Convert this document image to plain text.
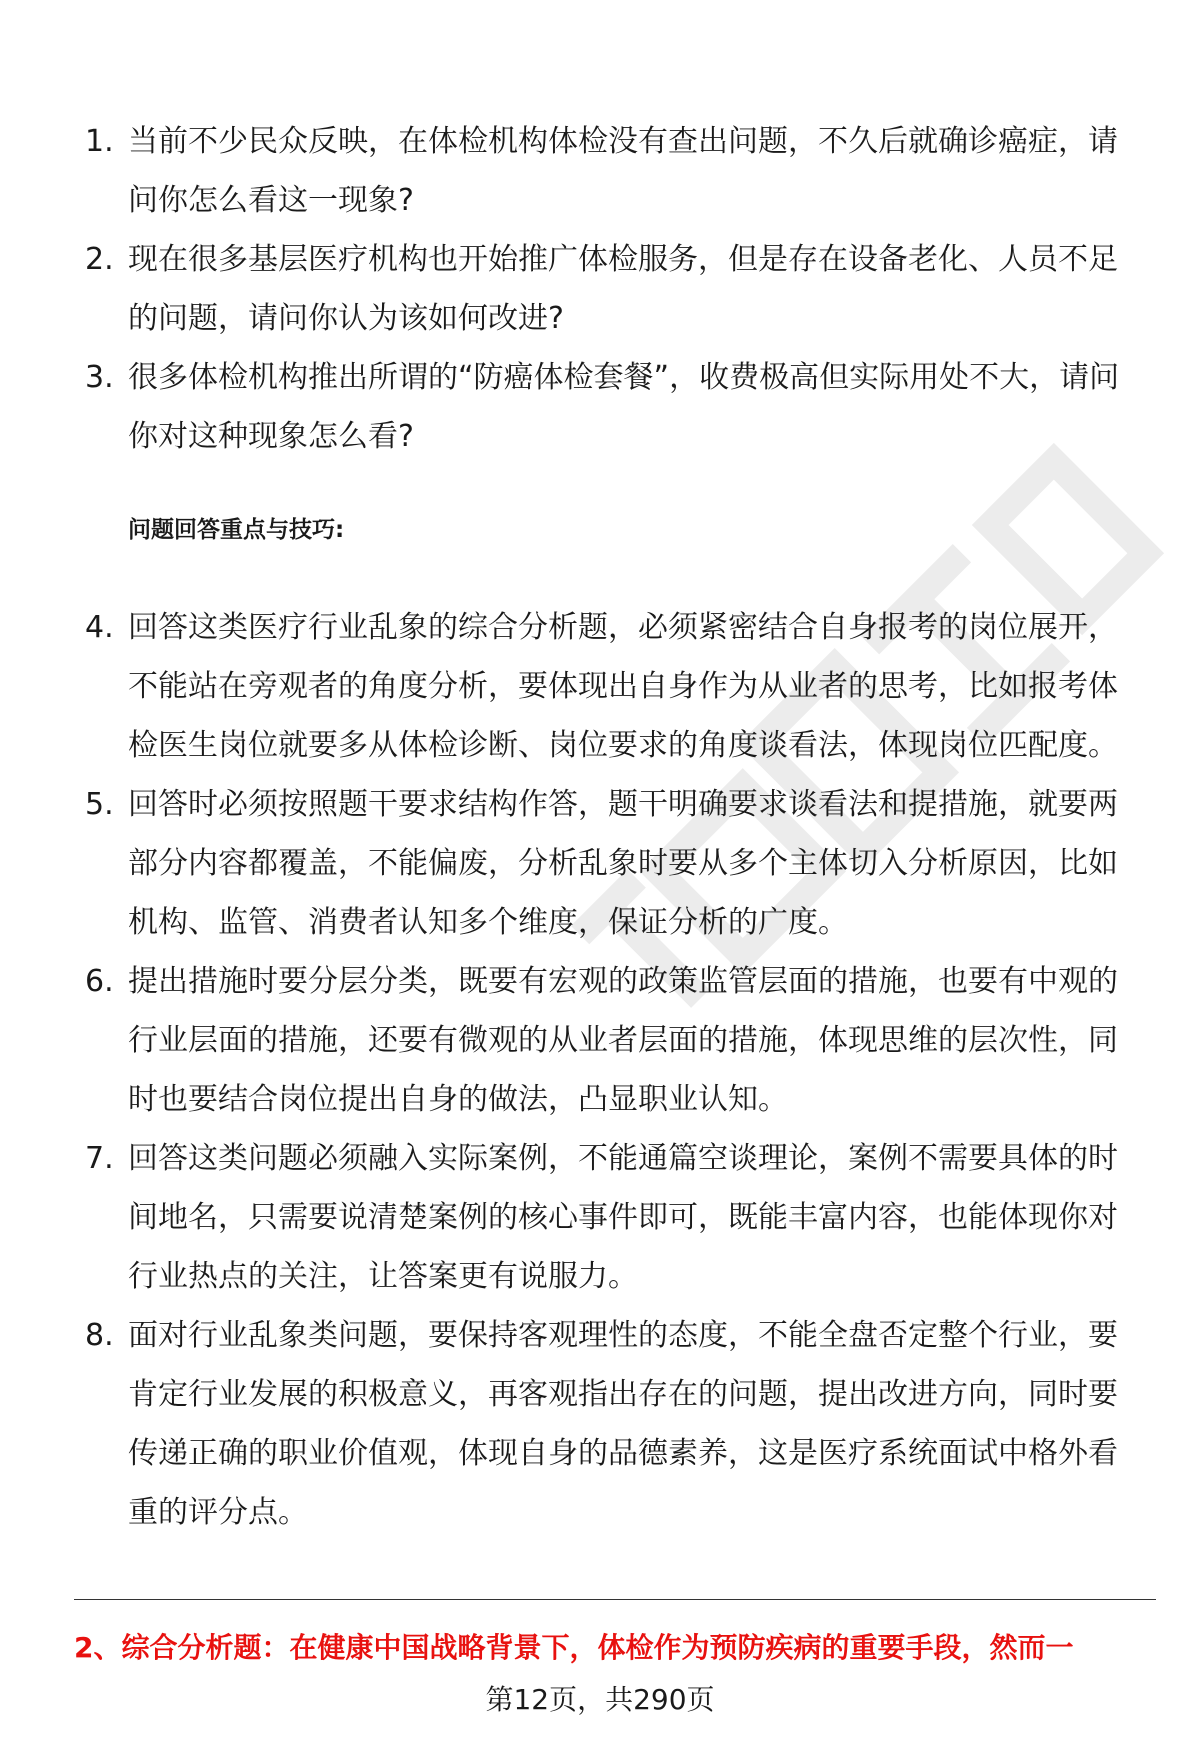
1. 当前不少民众反映，在体检机构体检没有查出问题，不久后就确诊癌症，请问你怎么看这一现象?
2. 现在很多基层医疗机构也开始推广体检服务，但是存在设备老化、人员不足的问题，请问你认为该如何改进?
3. 很多体检机构推出所谓的“防癌体检套餐”，收费极高但实际用处不大，请问你对这种现象怎么看?
问题回答重点与技巧:
4. 回答这类医疗行业乱象的综合分析题，必须紧密结合自身报考的岗位展开，不能站在旁观者的角度分析，要体现出自身作为从业者的思考，比如报考体检医生岗位就要多从体检诊断、岗位要求的角度谈看法，体现岗位匹配度。
5. 回答时必须按照题干要求结构作答，题干明确要求谈看法和提措施，就要两部分内容都覆盖，不能偏废，分析乱象时要从多个主体切入分析原因，比如机构、监管、消费者认知多个维度，保证分析的广度。
6. 提出措施时要分层分类，既要有宏观的政策监管层面的措施，也要有中观的行业层面的措施，还要有微观的从业者层面的措施，体现思维的层次性，同时也要结合岗位提出自身的做法，凸显职业认知。
7. 回答这类问题必须融入实际案例，不能通篇空谈理论，案例不需要具体的时间地名，只需要说清楚案例的核心事件即可，既能丰富内容，也能体现你对行业热点的关注，让答案更有说服力。
8. 面对行业乱象类问题，要保持客观理性的态度，不能全盘否定整个行业，要肯定行业发展的积极意义，再客观指出存在的问题，提出改进方向，同时要传递正确的职业价值观，体现自身的品德素养，这是医疗系统面试中格外看重的评分点。
2、综合分析题：在健康中国战略背景下，体检作为预防疾病的重要手段，然而一
第12页，共290页
